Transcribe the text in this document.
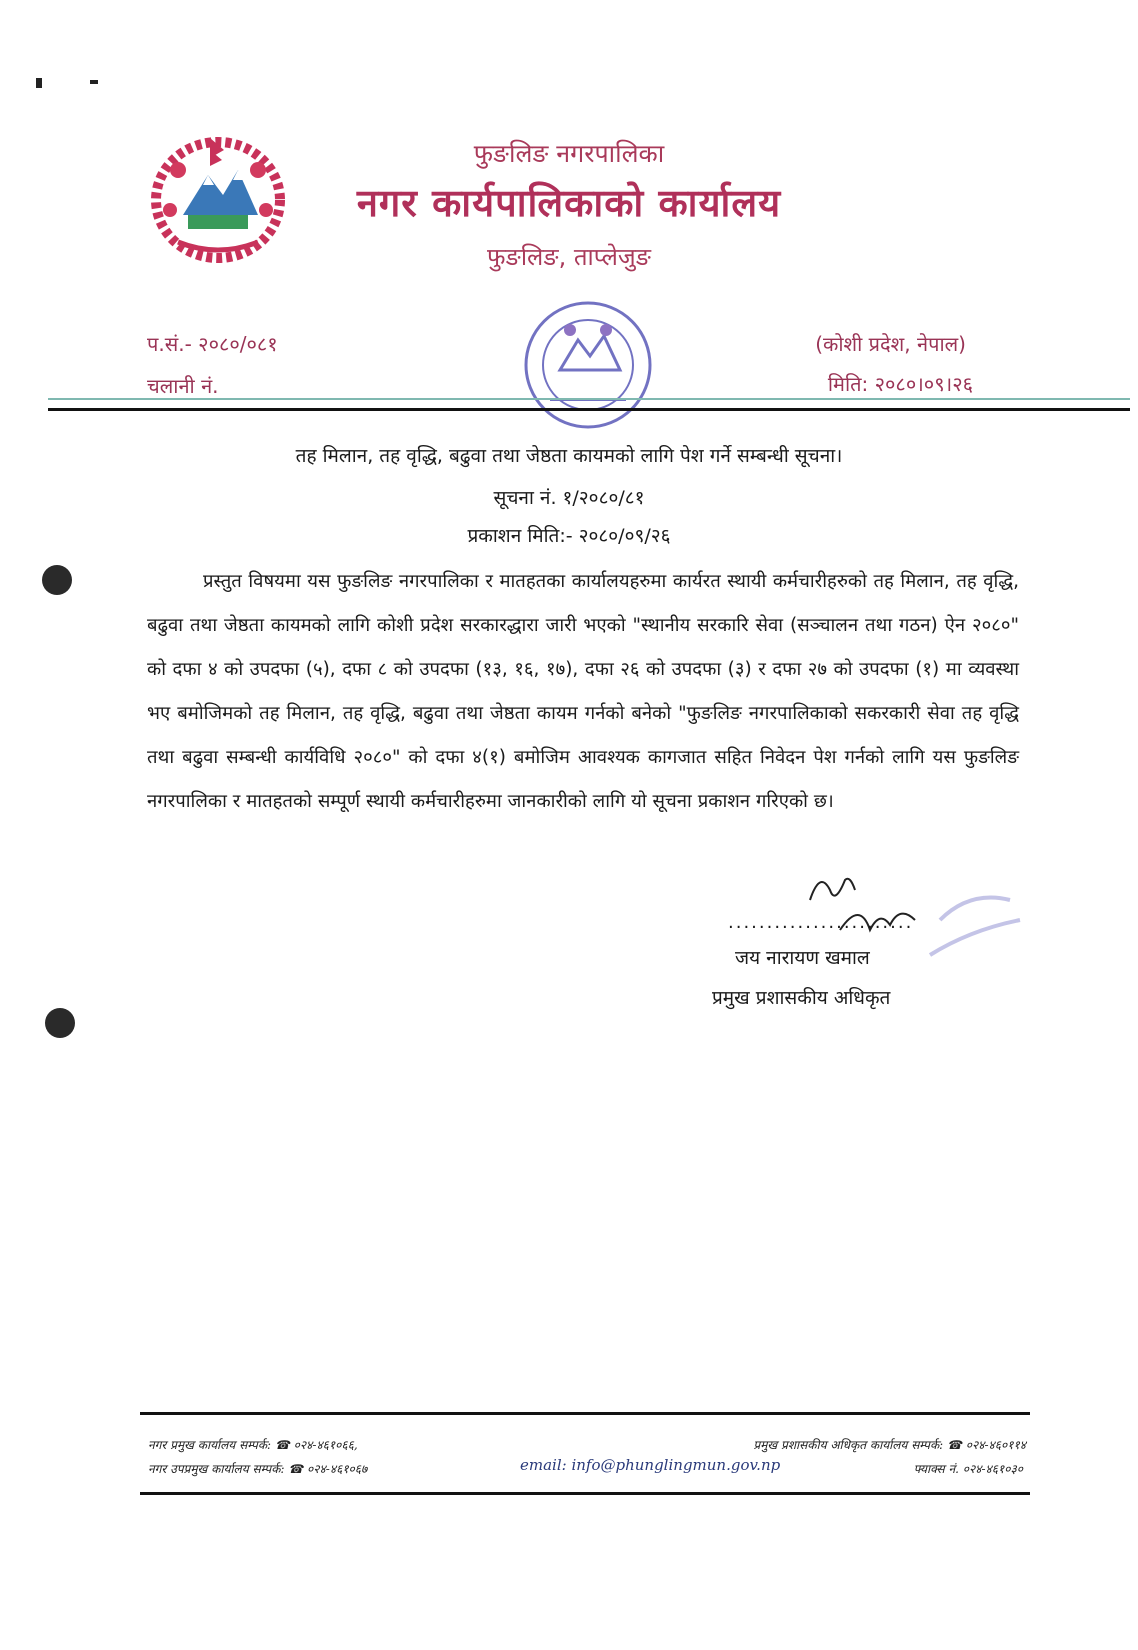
फुङलिङ नगरपालिका
नगर कार्यपालिकाको कार्यालय
फुङलिङ, ताप्लेजुङ
प.सं.- २०८०/०८१
चलानी नं.
(कोशी प्रदेश, नेपाल)
मिति: २०८०।०९।२६
तह मिलान, तह वृद्धि, बढुवा तथा जेष्ठता कायमको लागि पेश गर्ने सम्बन्धी सूचना।
सूचना नं. १/२०८०/८१
प्रकाशन मिति:- २०८०/०९/२६

प्रस्तुत विषयमा यस फुङलिङ नगरपालिका र मातहतका कार्यालयहरुमा कार्यरत स्थायी कर्मचारीहरुको तह मिलान, तह वृद्धि, बढुवा तथा जेष्ठता कायमको लागि कोशी प्रदेश सरकारद्धारा जारी भएको "स्थानीय सरकारि सेवा (सञ्चालन तथा गठन) ऐन २०८०" को दफा ४ को उपदफा (५), दफा ८ को उपदफा (१३, १६, १७), दफा २६ को उपदफा (३) र दफा २७ को उपदफा (१) मा व्यवस्था भए बमोजिमको तह मिलान, तह वृद्धि, बढुवा तथा जेष्ठता कायम गर्नको बनेको "फुङलिङ नगरपालिकाको सकरकारी सेवा तह वृद्धि तथा बढुवा सम्बन्धी कार्यविधि २०८०" को दफा ४(१) बमोजिम आवश्यक कागजात सहित निवेदन पेश गर्नको लागि यस फुङलिङ नगरपालिका र मातहतको सम्पूर्ण स्थायी कर्मचारीहरुमा जानकारीको लागि यो सूचना प्रकाशन गरिएको छ।

........................
जय नारायण खमाल
प्रमुख प्रशासकीय अधिकृत
नगर प्रमुख कार्यालय सम्पर्क: ☎ ०२४-४६१०६६,
नगर उपप्रमुख कार्यालय सम्पर्क: ☎ ०२४-४६१०६७
प्रमुख प्रशासकीय अधिकृत कार्यालय सम्पर्क: ☎ ०२४-४६०११४
फ्याक्स नं. ०२४-४६१०३०
email: info@phunglingmun.gov.np
